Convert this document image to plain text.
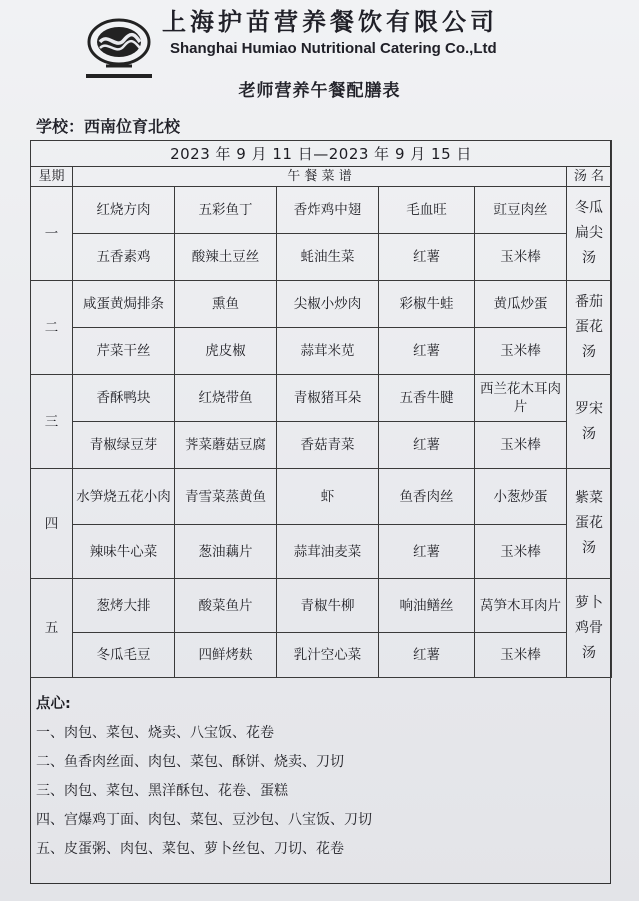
上海护苗营养餐饮有限公司
Shanghai Humiao Nutritional Catering Co.,Ltd
老师营养午餐配膳表
学校：西南位育北校
2023 年 9 月 11 日—2023 年 9 月 15 日						
星期	午 餐 菜 谱					汤 名
一	红烧方肉	五彩鱼丁	香炸鸡中翅	毛血旺	豇豆肉丝	冬瓜扁尖汤
	五香素鸡	酸辣土豆丝	蚝油生菜	红薯	玉米棒	
二	咸蛋黄焗排条	熏鱼	尖椒小炒肉	彩椒牛蛙	黄瓜炒蛋	番茄蛋花汤
	芹菜干丝	虎皮椒	蒜茸米苋	红薯	玉米棒	
三	香酥鸭块	红烧带鱼	青椒猪耳朵	五香牛腱	西兰花木耳肉片	罗宋汤
	青椒绿豆芽	荠菜蘑菇豆腐	香菇青菜	红薯	玉米棒	
四	水笋烧五花小肉	青雪菜蒸黄鱼	虾	鱼香肉丝	小葱炒蛋	紫菜蛋花汤
	辣味牛心菜	葱油藕片	蒜茸油麦菜	红薯	玉米棒	
五	葱烤大排	酸菜鱼片	青椒牛柳	响油鳝丝	莴笋木耳肉片	萝卜鸡骨汤
	冬瓜毛豆	四鲜烤麸	乳汁空心菜	红薯	玉米棒	
点心:
一、肉包、菜包、烧卖、八宝饭、花卷
二、鱼香肉丝面、肉包、菜包、酥饼、烧卖、刀切
三、肉包、菜包、黑洋酥包、花卷、蛋糕
四、宫爆鸡丁面、肉包、菜包、豆沙包、八宝饭、刀切
五、皮蛋粥、肉包、菜包、萝卜丝包、刀切、花卷
